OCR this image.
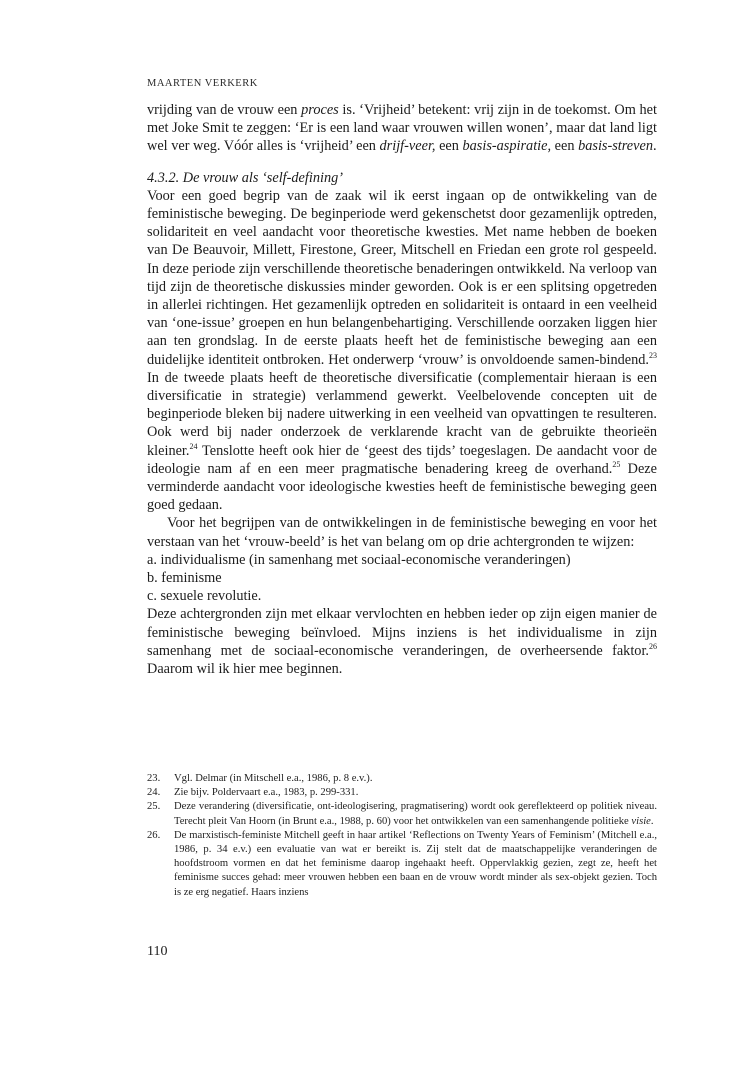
MAARTEN VERKERK

vrijding van de vrouw een proces is. ‘Vrijheid’ betekent: vrij zijn in de toekomst. Om het met Joke Smit te zeggen: ‘Er is een land waar vrouwen willen wonen’, maar dat land ligt wel ver weg. Vóór alles is ‘vrijheid’ een drijf-veer, een basis-aspiratie, een basis-streven.

4.3.2. De vrouw als ‘self-defining’

Voor een goed begrip van de zaak wil ik eerst ingaan op de ontwikkeling van de feministische beweging. De beginperiode werd gekenschetst door gezamenlijk optreden, solidariteit en veel aandacht voor theoretische kwesties. Met name hebben de boeken van De Beauvoir, Millett, Firestone, Greer, Mitschell en Friedan een grote rol gespeeld. In deze periode zijn verschillende theoretische benaderingen ontwikkeld. Na verloop van tijd zijn de theoretische diskussies minder geworden. Ook is er een splitsing opgetreden in allerlei richtingen. Het gezamenlijk optreden en solidariteit is ontaard in een veelheid van ‘one-issue’ groepen en hun belangenbehartiging. Verschillende oorzaken liggen hier aan ten grondslag. In de eerste plaats heeft het de feministische beweging aan een duidelijke identiteit ontbroken. Het onderwerp ‘vrouw’ is onvoldoende samen-bindend.$^{23}$ In de tweede plaats heeft de theoretische diversificatie (complementair hieraan is een diversificatie in strategie) verlammend gewerkt. Veelbelovende concepten uit de beginperiode bleken bij nadere uitwerking in een veelheid van opvattingen te resulteren. Ook werd bij nader onderzoek de verklarende kracht van de gebruikte theorieën kleiner.$^{24}$ Tenslotte heeft ook hier de ‘geest des tijds’ toegeslagen. De aandacht voor de ideologie nam af en een meer pragmatische benadering kreeg de overhand.$^{25}$ Deze verminderde aandacht voor ideologische kwesties heeft de feministische beweging geen goed gedaan.

Voor het begrijpen van de ontwikkelingen in de feministische beweging en voor het verstaan van het ‘vrouw-beeld’ is het van belang om op drie achtergronden te wijzen:

a. individualisme (in samenhang met sociaal-economische veranderingen)
b. feminisme
c. sexuele revolutie.

Deze achtergronden zijn met elkaar vervlochten en hebben ieder op zijn eigen manier de feministische beweging beïnvloed. Mijns inziens is het individualisme in zijn samenhang met de sociaal-economische veranderingen, de overheersende faktor.$^{26}$ Daarom wil ik hier mee beginnen.

23.	Vgl. Delmar (in Mitschell e.a., 1986, p. 8 e.v.).
24.	Zie bijv. Poldervaart e.a., 1983, p. 299-331.
25.	Deze verandering (diversificatie, ont-ideologisering, pragmatisering) wordt ook gereflekteerd op politiek niveau. Terecht pleit Van Hoorn (in Brunt e.a., 1988, p. 60) voor het ontwikkelen van een samenhangende politieke visie.
26.	De marxistisch-feministe Mitchell geeft in haar artikel ‘Reflections on Twenty Years of Feminism’ (Mitchell e.a., 1986, p. 34 e.v.) een evaluatie van wat er bereikt is. Zij stelt dat de maatschappelijke veranderingen de hoofdstroom vormen en dat het feminisme daarop ingehaakt heeft. Oppervlakkig gezien, zegt ze, heeft het feminisme succes gehad: meer vrouwen hebben een baan en de vrouw wordt minder als sex-objekt gezien. Toch is ze erg negatief. Haars inziens
110
